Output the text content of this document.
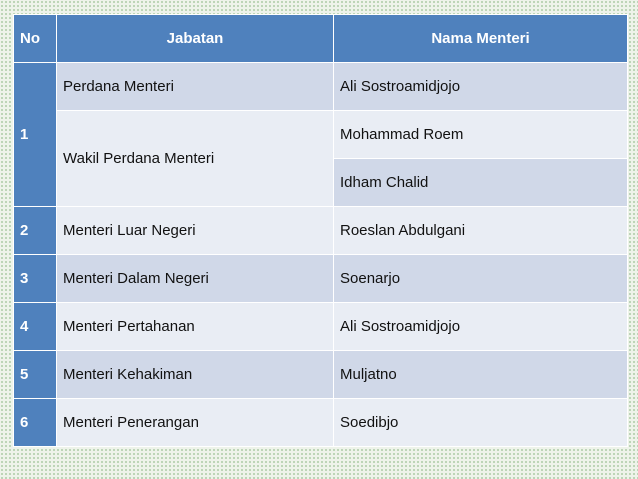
No	Jabatan	Nama Menteri
1	Perdana Menteri	Ali Sostroamidjojo
	Wakil Perdana Menteri	Mohammad Roem
		Idham Chalid
2	Menteri Luar Negeri	Roeslan Abdulgani
3	Menteri Dalam Negeri	Soenarjo
4	Menteri Pertahanan	Ali Sostroamidjojo
5	Menteri Kehakiman	Muljatno
6	Menteri Penerangan	Soedibjo
